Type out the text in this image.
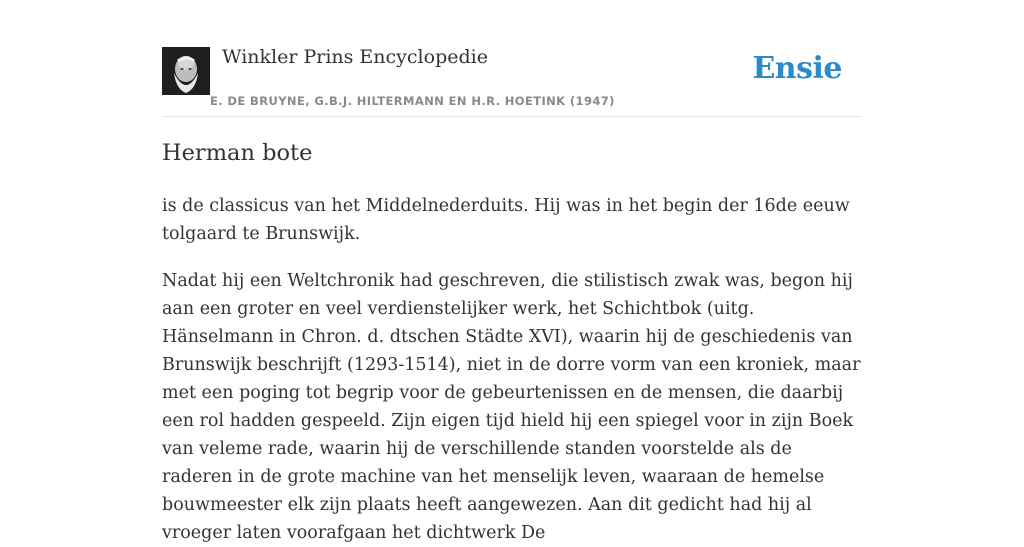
Winkler Prins Encyclopedie
E. DE BRUYNE, G.B.J. HILTERMANN EN H.R. HOETINK (1947)
Ensie
Herman bote

is de classicus van het Middelnederduits. Hij was in het begin der 16de eeuw tolgaard te Brunswijk.

Nadat hij een Weltchronik had geschreven, die stilistisch zwak was, begon hij aan een groter en veel verdienstelijker werk, het Schichtbok (uitg. Hänselmann in Chron. d. dtschen Städte XVI), waarin hij de geschiedenis van Brunswijk beschrijft (1293-1514), niet in de dorre vorm van een kroniek, maar met een poging tot begrip voor de gebeurtenissen en de mensen, die daarbij een rol hadden gespeeld. Zijn eigen tijd hield hij een spiegel voor in zijn Boek van veleme rade, waarin hij de verschillende standen voorstelde als de raderen in de grote machine van het menselijk leven, waaraan de hemelse bouwmeester elk zijn plaats heeft aangewezen. Aan dit gedicht had hij al vroeger laten voorafgaan het dichtwerk De
